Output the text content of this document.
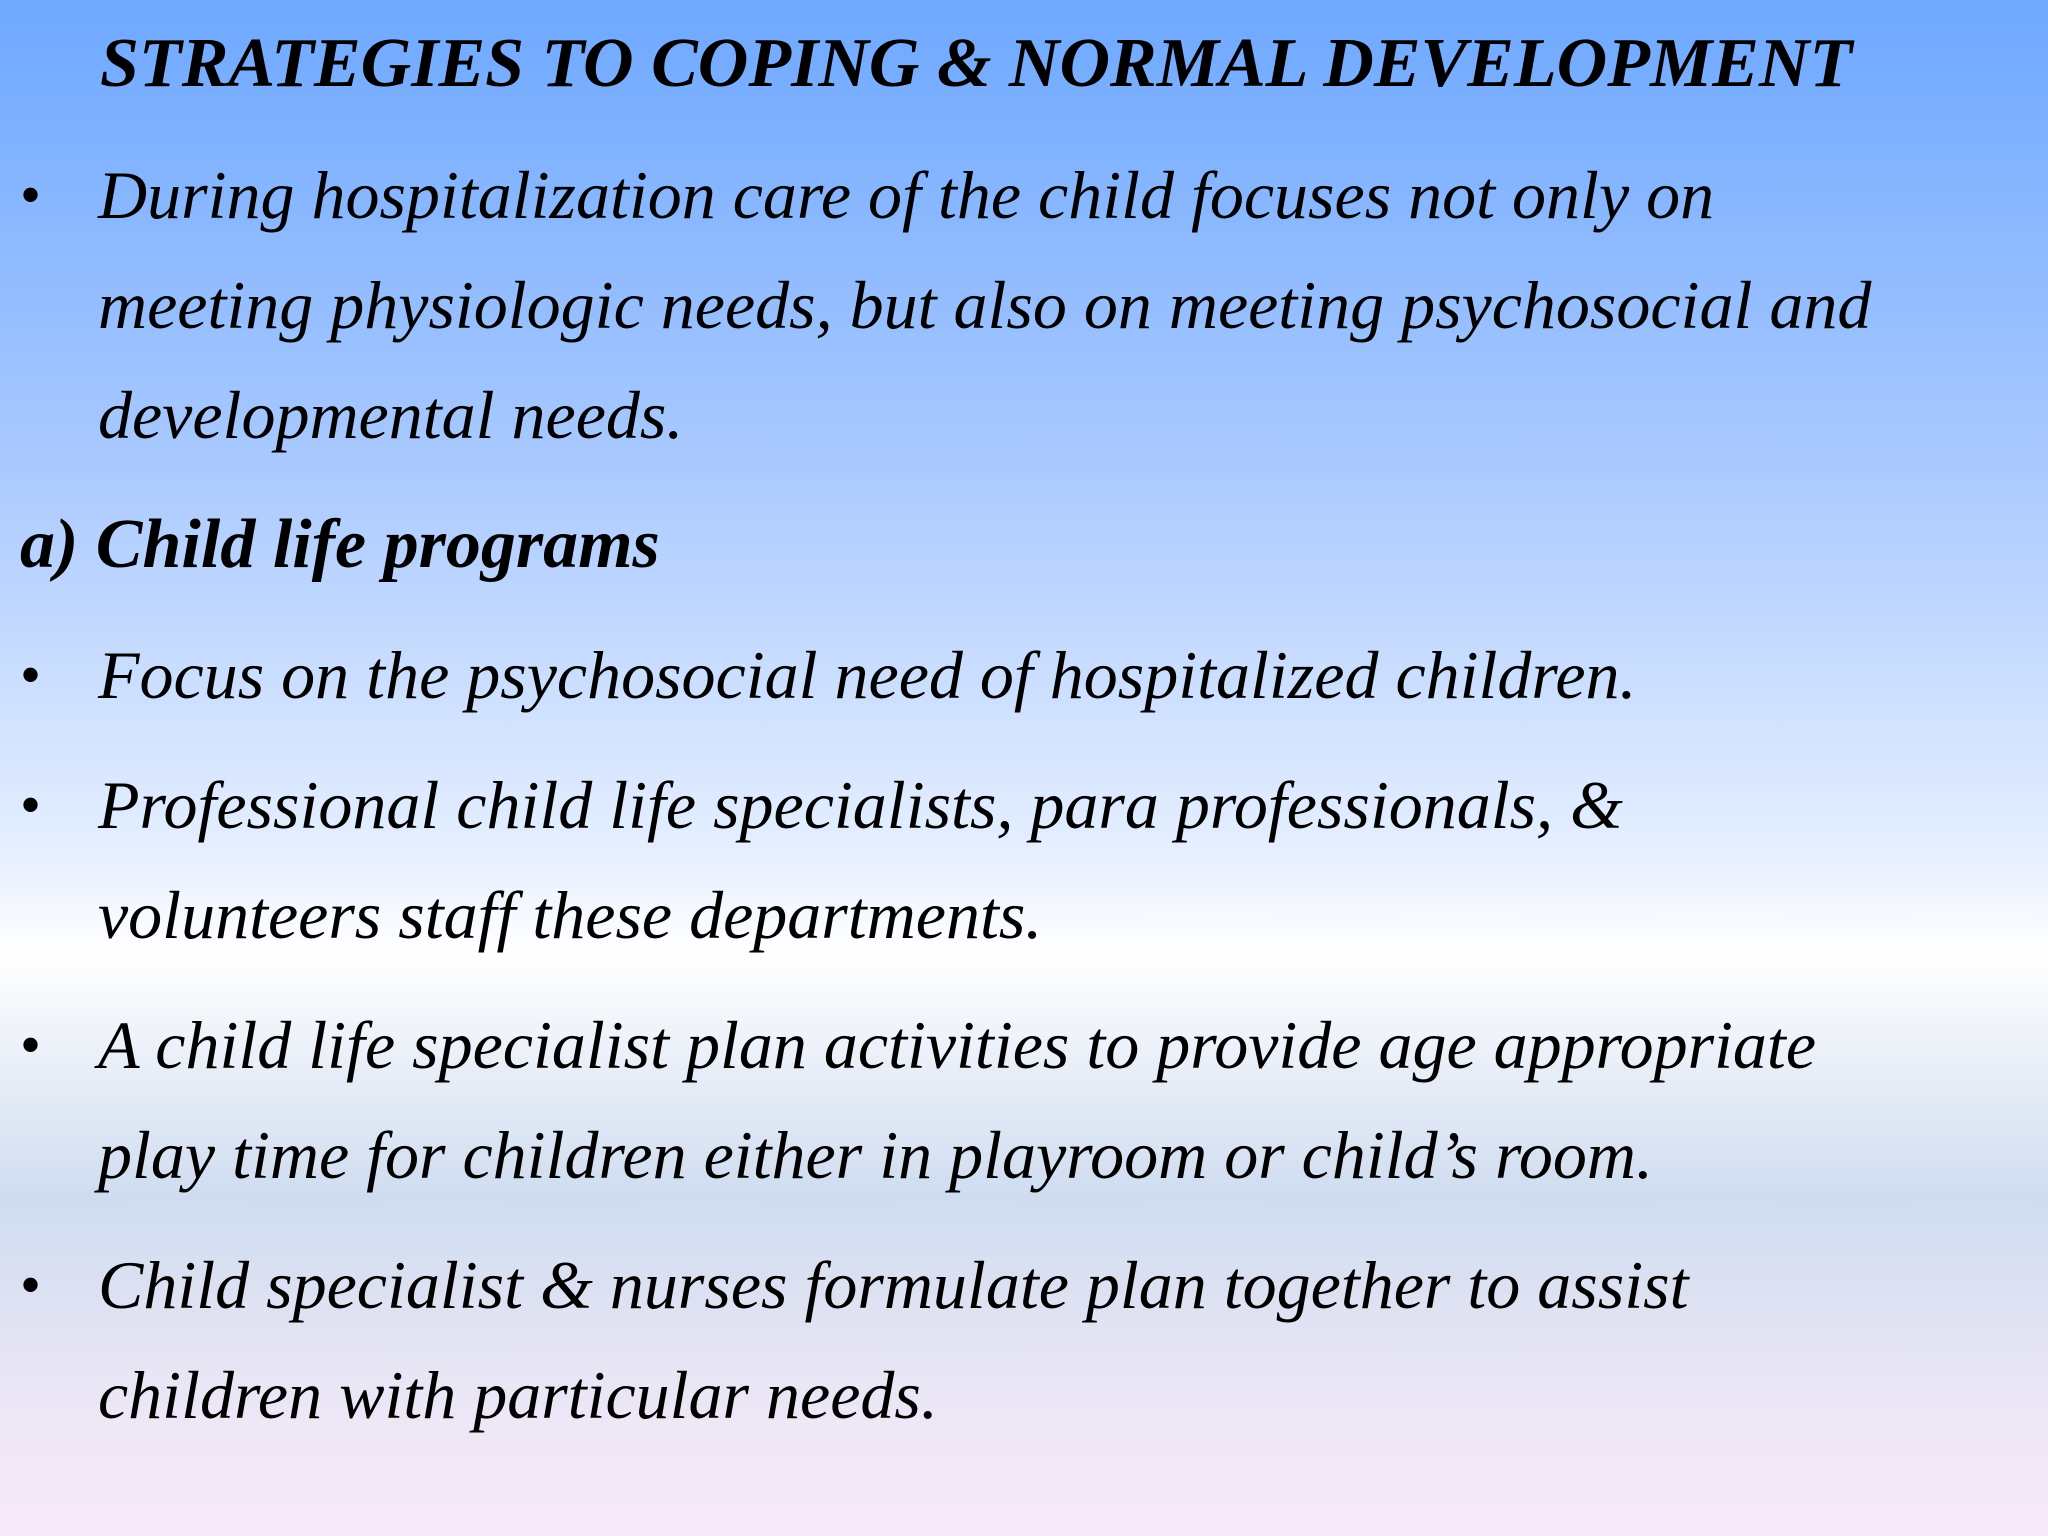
STRATEGIES TO COPING & NORMAL DEVELOPMENT
• During hospitalization care of the child focuses not only on
meeting physiologic needs, but also on meeting psychosocial and
developmental needs.

a) Child life programs
• Focus on the psychosocial need of hospitalized children.

• Professional child life specialists, para professionals, &
volunteers staff these departments.

• A child life specialist plan activities to provide age appropriate
play time for children either in playroom or child’s room.

• Child specialist & nurses formulate plan together to assist
children with particular needs.
